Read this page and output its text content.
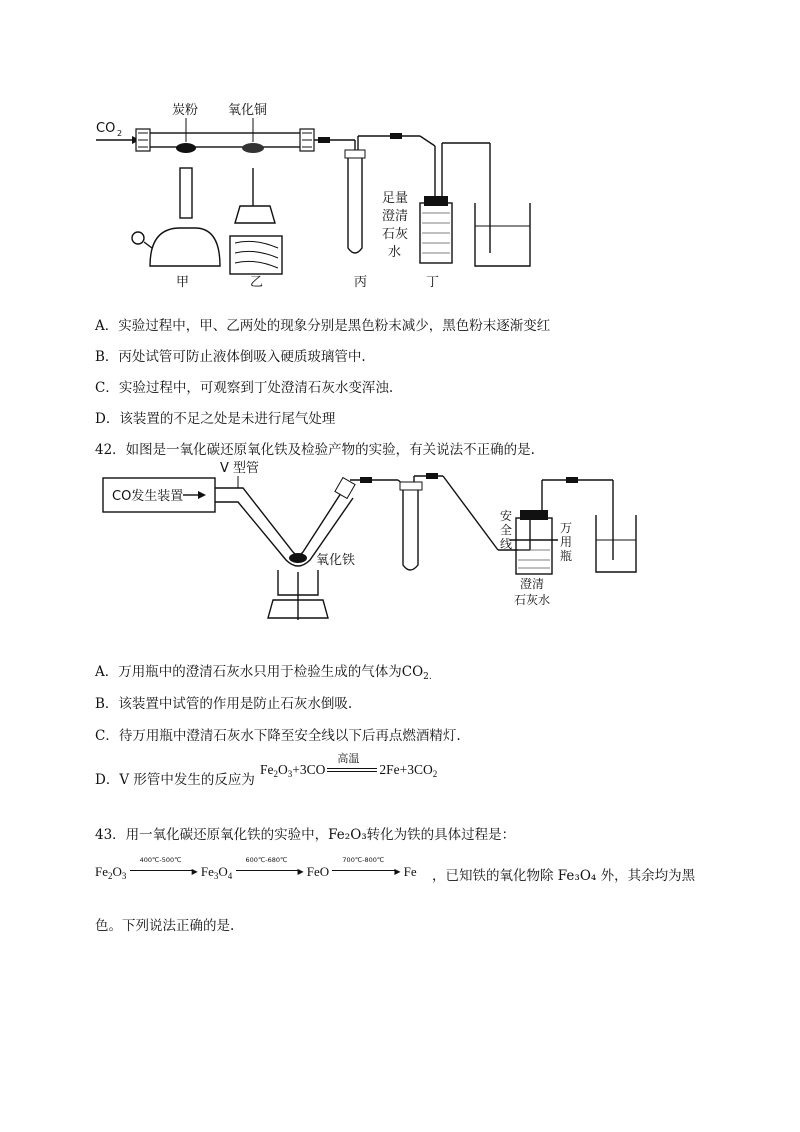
CO 2
炭粉 氧化铜
足量
澄清
石灰
水
甲	乙	丙	丁
A．实验过程中，甲、乙两处的现象分别是黑色粉末减少，黑色粉末逐渐变红
B．丙处试管可防止液体倒吸入硬质玻璃管中.
C．实验过程中，可观察到丁处澄清石灰水变浑浊.
D．该装置的不足之处是未进行尾气处理
42．如图是一氧化碳还原氧化铁及检验产物的实验，有关说法不正确的是.
CO发生装置
V 型管
氧化铁
安
全
线
万
用
瓶
澄清
石灰水
A．万用瓶中的澄清石灰水只用于检验生成的气体为$CO_{2.}$
B．该装置中试管的作用是防止石灰水倒吸.
C．待万用瓶中澄清石灰水下降至安全线以下后再点燃酒精灯.
D．V 形管中发生的反应为
$Fe_2O_3+3CO$
高温
$2Fe+3CO_2$
43．用一氧化碳还原氧化铁的实验中，Fe₂O₃转化为铁的具体过程是：
$Fe_2O_3$
400℃-500℃
▶ $Fe_3O_4$
600℃-680℃
▶ FeO
700℃-800℃
▶ Fe ，已知铁的氧化物除 Fe₃O₄ 外，其余均为黑
色。下列说法正确的是.
